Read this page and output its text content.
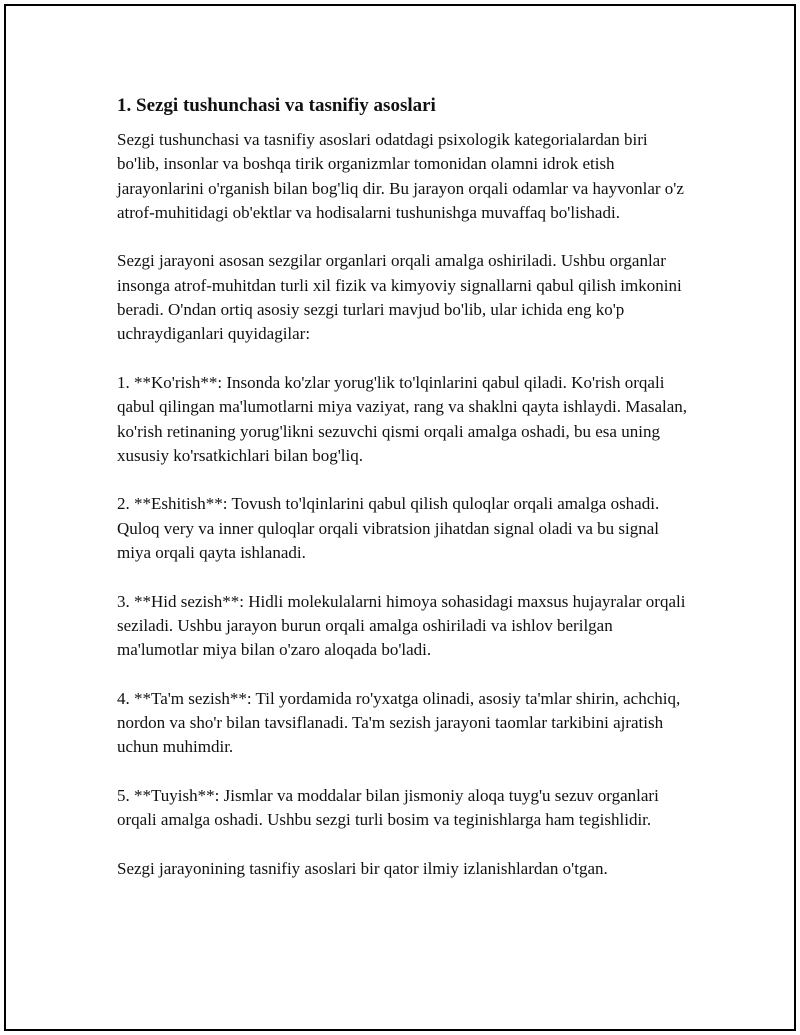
1. Sezgi tushunchasi va tasnifiy asoslari

Sezgi tushunchasi va tasnifiy asoslari odatdagi psixologik kategorialardan biri bo'lib, insonlar va boshqa tirik organizmlar tomonidan olamni idrok etish jarayonlarini o'rganish bilan bog'liq dir. Bu jarayon orqali odamlar va hayvonlar o'z atrof-muhitidagi ob'ektlar va hodisalarni tushunishga muvaffaq bo'lishadi.

Sezgi jarayoni asosan sezgilar organlari orqali amalga oshiriladi. Ushbu organlar insonga atrof-muhitdan turli xil fizik va kimyoviy signallarni qabul qilish imkonini beradi. O'ndan ortiq asosiy sezgi turlari mavjud bo'lib, ular ichida eng ko'p uchraydiganlari quyidagilar:

1. **Ko'rish**: Insonda ko'zlar yorug'lik to'lqinlarini qabul qiladi. Ko'rish orqali qabul qilingan ma'lumotlarni miya vaziyat, rang va shaklni qayta ishlaydi. Masalan, ko'rish retinaning yorug'likni sezuvchi qismi orqali amalga oshadi, bu esa uning xususiy ko'rsatkichlari bilan bog'liq.

2. **Eshitish**: Tovush to'lqinlarini qabul qilish quloqlar orqali amalga oshadi. Quloq very va inner quloqlar orqali vibratsion jihatdan signal oladi va bu signal miya orqali qayta ishlanadi.

3. **Hid sezish**: Hidli molekulalarni himoya sohasidagi maxsus hujayralar orqali seziladi. Ushbu jarayon burun orqali amalga oshiriladi va ishlov berilgan ma'lumotlar miya bilan o'zaro aloqada bo'ladi.

4. **Ta'm sezish**: Til yordamida ro'yxatga olinadi, asosiy ta'mlar shirin, achchiq, nordon va sho'r bilan tavsiflanadi. Ta'm sezish jarayoni taomlar tarkibini ajratish uchun muhimdir.

5. **Tuyish**: Jismlar va moddalar bilan jismoniy aloqa tuyg'u sezuv organlari orqali amalga oshadi. Ushbu sezgi turli bosim va teginishlarga ham tegishlidir.

Sezgi jarayonining tasnifiy asoslari bir qator ilmiy izlanishlardan o'tgan.
